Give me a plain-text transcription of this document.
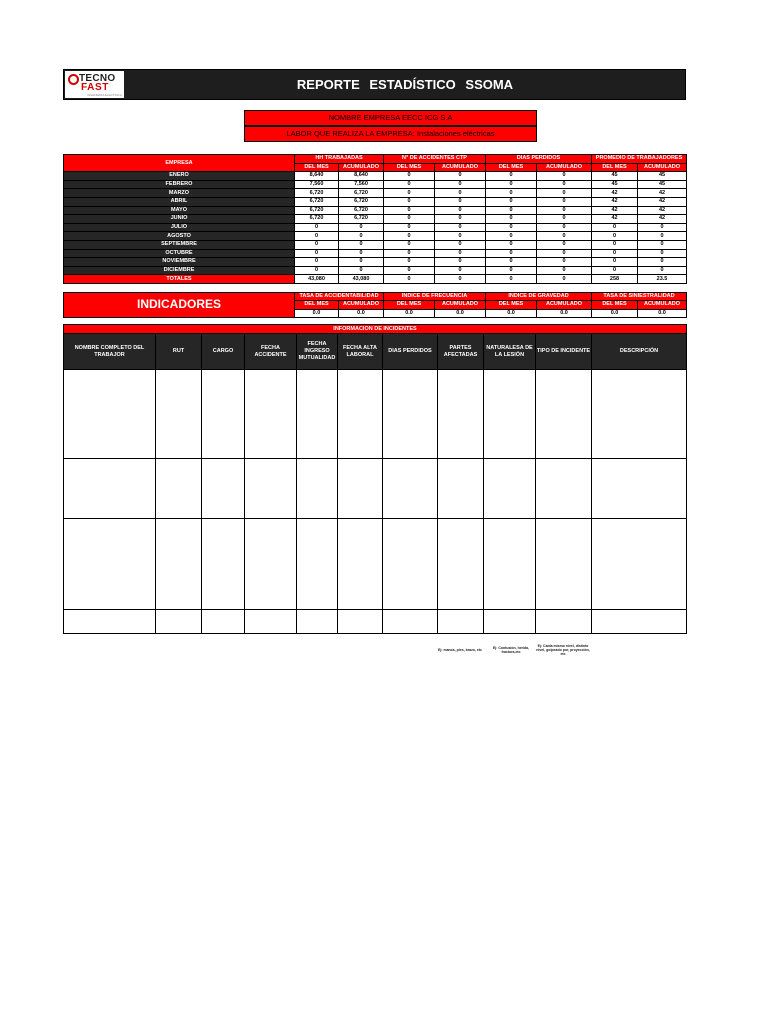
TECNO
FAST
INGENIERIA ELECTRICA
REPORTE ESTADÍSTICO SSOMA
NOMBRE EMPRESA EECC ICG S.A
LABOR QUE REALIZA LA EMPRESA: Instalaciones eléctricas
EMPRESA	HH TRABAJADAS		N° DE ACCIDENTES CTP		DIAS PERDIDOS		PROMEDIO DE TRABAJADORES	
	DEL MES	ACUMULADO	DEL MES	ACUMULADO	DEL MES	ACUMULADO	DEL MES	ACUMULADO
ENERO	8,640	8,640	0	0	0	0	45	45
FEBRERO	7,560	7,560	0	0	0	0	45	45
MARZO	6,720	6,720	0	0	0	0	42	42
ABRIL	6,720	6,720	0	0	0	0	42	42
MAYO	6,720	6,720	0	0	0	0	42	42
JUNIO	6,720	6,720	0	0	0	0	42	42
JULIO	0	0	0	0	0	0	0	0
AGOSTO	0	0	0	0	0	0	0	0
SEPTIEMBRE	0	0	0	0	0	0	0	0
OCTUBRE	0	0	0	0	0	0	0	0
NOVIEMBRE	0	0	0	0	0	0	0	0
DICIEMBRE	0	0	0	0	0	0	0	0
TOTALES	43,080	43,080	0	0	0	0	258	23.5
INDICADORES	TASA DE ACCIDENTABILIDAD		INDICE DE FRECUENCIA		INDICE DE GRAVEDAD		TASA DE SINIESTRALIDAD	
	DEL MES	ACUMULADO	DEL MES	ACUMULADO	DEL MES	ACUMULADO	DEL MES	ACUMULADO
	0.0	0.0	0.0	0.0	0.0	0.0	0.0	0.0
INFORMACION DE INCIDENTES										
NOMBRE COMPLETO DEL TRABAJOR	RUT	CARGO	FECHA ACCIDENTE	FECHA INGRESO MUTUALIDAD	FECHA ALTA LABORAL	DIAS PERDIDOS	PARTES AFECTADAS	NATURALESA DE LA LESIÓN	TIPO DE INCIDENTE	DESCRIPCIÓN

Ej: manos, pies, brazo, etc	Ej: Contusión, herida, fractura,etc
Ej: Caída mismo nivel, distinto nivel, golpeado por, proyección, etc
